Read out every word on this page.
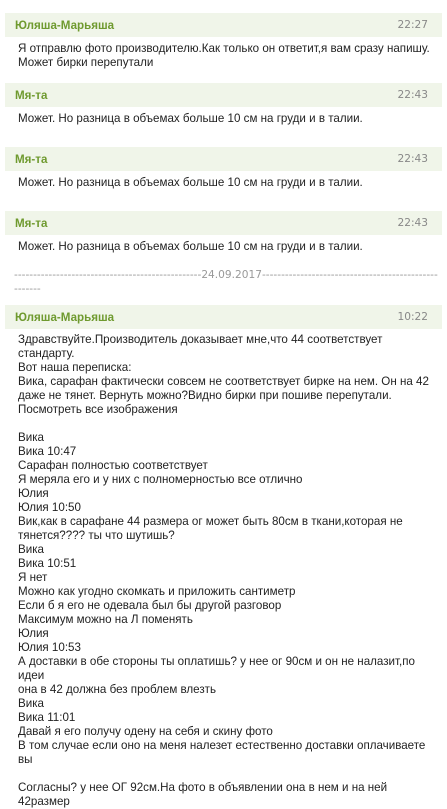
Юляша-Марьяша	22:27

Я отправлю фото производителю.Как только он ответит,я вам сразу напишу.
Может бирки перепутали

Мя-та	22:43

Может. Но разница в объемах больше 10 см на груди и в талии.

Мя-та	22:43

Может. Но разница в объемах больше 10 см на груди и в талии.

Мя-та	22:43

Может. Но разница в объемах больше 10 см на груди и в талии.

-------------------------------------------------24.09.2017-----------------------------------------------------
Юляша-Марьяша	10:22

Здравствуйте.Производитель доказывает мне,что 44 соответствует стандарту.
Вот наша переписка:
Вика, сарафан фактически совсем не соответствует бирке на нем. Он на 42
даже не тянет. Вернуть можно?Видно бирки при пошиве перепутали.
Посмотреть все изображения

Вика
Вика 10:47
Сарафан полностью соответствует
Я меряла его и у них с полномерностью все отлично
Юлия
Юлия 10:50
Вик,как в сарафане 44 размера ог может быть 80см в ткани,которая не
тянется???? ты что шутишь?
Вика
Вика 10:51
Я нет
Можно как угодно скомкать и приложить сантиметр
Если б я его не одевала был бы другой разговор
Максимум можно на Л поменять
Юлия
Юлия 10:53
А доставки в обе стороны ты оплатишь? у нее ог 90см и он не налазит,по идеи
она в 42 должна без проблем влезть
Вика
Вика 11:01
Давай я его получу одену на себя и скину фото
В том случае если оно на меня налезет естественно доставки оплачиваете вы

Согласны? у нее ОГ 92см.На фото в объявлении она в нем и на ней 42размер
